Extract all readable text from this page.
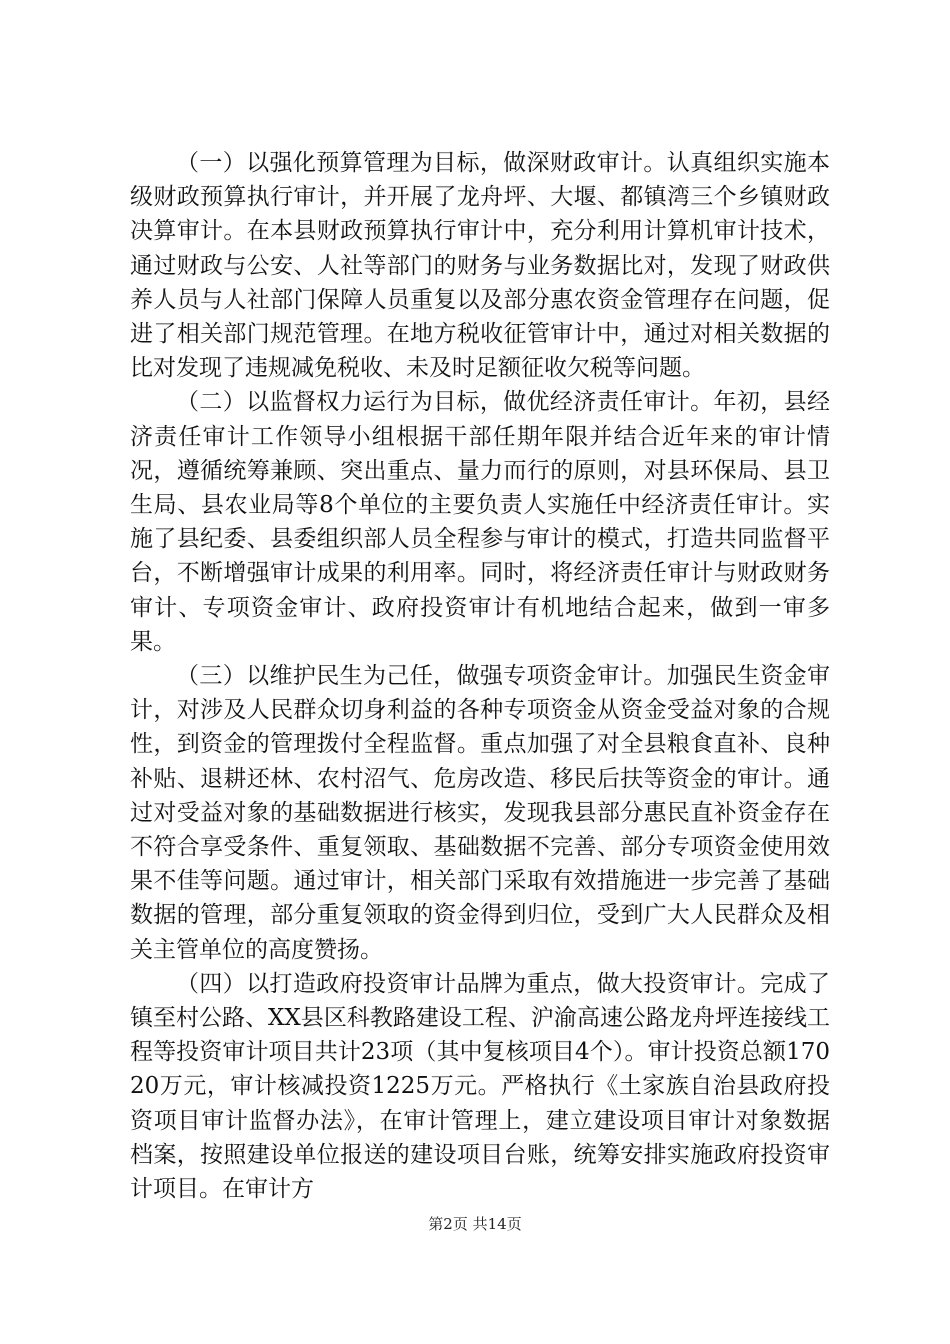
（一）以强化预算管理为目标，做深财政审计。认真组织实施本级财政预算执行审计，并开展了龙舟坪、大堰、都镇湾三个乡镇财政决算审计。在本县财政预算执行审计中，充分利用计算机审计技术，通过财政与公安、人社等部门的财务与业务数据比对，发现了财政供养人员与人社部门保障人员重复以及部分惠农资金管理存在问题，促进了相关部门规范管理。在地方税收征管审计中，通过对相关数据的比对发现了违规减免税收、未及时足额征收欠税等问题。

（二）以监督权力运行为目标，做优经济责任审计。年初，县经济责任审计工作领导小组根据干部任期年限并结合近年来的审计情况，遵循统筹兼顾、突出重点、量力而行的原则，对县环保局、县卫生局、县农业局等8个单位的主要负责人实施任中经济责任审计。实施了县纪委、县委组织部人员全程参与审计的模式，打造共同监督平台，不断增强审计成果的利用率。同时，将经济责任审计与财政财务审计、专项资金审计、政府投资审计有机地结合起来，做到一审多果。

（三）以维护民生为己任，做强专项资金审计。加强民生资金审计，对涉及人民群众切身利益的各种专项资金从资金受益对象的合规性，到资金的管理拨付全程监督。重点加强了对全县粮食直补、良种补贴、退耕还林、农村沼气、危房改造、移民后扶等资金的审计。通过对受益对象的基础数据进行核实，发现我县部分惠民直补资金存在不符合享受条件、重复领取、基础数据不完善、部分专项资金使用效果不佳等问题。通过审计，相关部门采取有效措施进一步完善了基础数据的管理，部分重复领取的资金得到归位，受到广大人民群众及相关主管单位的高度赞扬。

（四）以打造政府投资审计品牌为重点，做大投资审计。完成了镇至村公路、XX县区科教路建设工程、沪渝高速公路龙舟坪连接线工程等投资审计项目共计23项（其中复核项目4个）。审计投资总额17020万元，审计核减投资1225万元。严格执行《土家族自治县政府投资项目审计监督办法》，在审计管理上，建立建设项目审计对象数据档案，按照建设单位报送的建设项目台账，统筹安排实施政府投资审计项目。在审计方

第2页 共14页
